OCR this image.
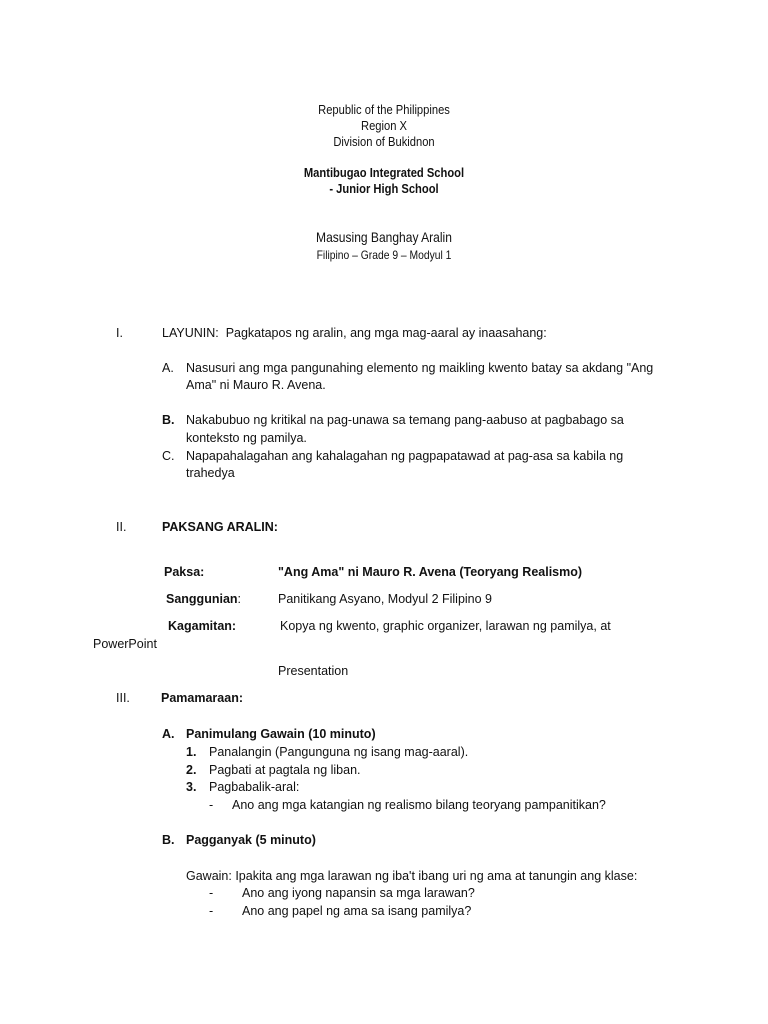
Republic of the Philippines
Region X
Division of Bukidnon
Mantibugao Integrated School
- Junior High School
Masusing Banghay Aralin
Filipino – Grade 9 – Modyul 1
I.	LAYUNIN: Pagkatapos ng aralin, ang mga mag-aaral ay inaasahang:
A. Nasusuri ang mga pangunahing elemento ng maikling kwento batay sa akdang "Ang
Ama" ni Mauro R. Avena.
B. Nakabubuo ng kritikal na pag-unawa sa temang pang-aabuso at pagbabago sa
konteksto ng pamilya.
C. Napapahalagahan ang kahalagahan ng pagpapatawad at pag-asa sa kabila ng
trahedya
II.	PAKSANG ARALIN:
Paksa:	"Ang Ama" ni Mauro R. Avena (Teoryang Realismo)
Sanggunian:	Panitikang Asyano, Modyul 2 Filipino 9
Kagamitan:	Kopya ng kwento, graphic organizer, larawan ng pamilya, at
PowerPoint
Presentation
III. Pamamaraan:
A. Panimulang Gawain (10 minuto)
1. Panalangin (Pangunguna ng isang mag-aaral).
2. Pagbati at pagtala ng liban.
3. Pagbabalik-aral:
- Ano ang mga katangian ng realismo bilang teoryang pampanitikan?
B. Pagganyak (5 minuto)
Gawain: Ipakita ang mga larawan ng iba't ibang uri ng ama at tanungin ang klase:
- Ano ang iyong napansin sa mga larawan?
- Ano ang papel ng ama sa isang pamilya?
